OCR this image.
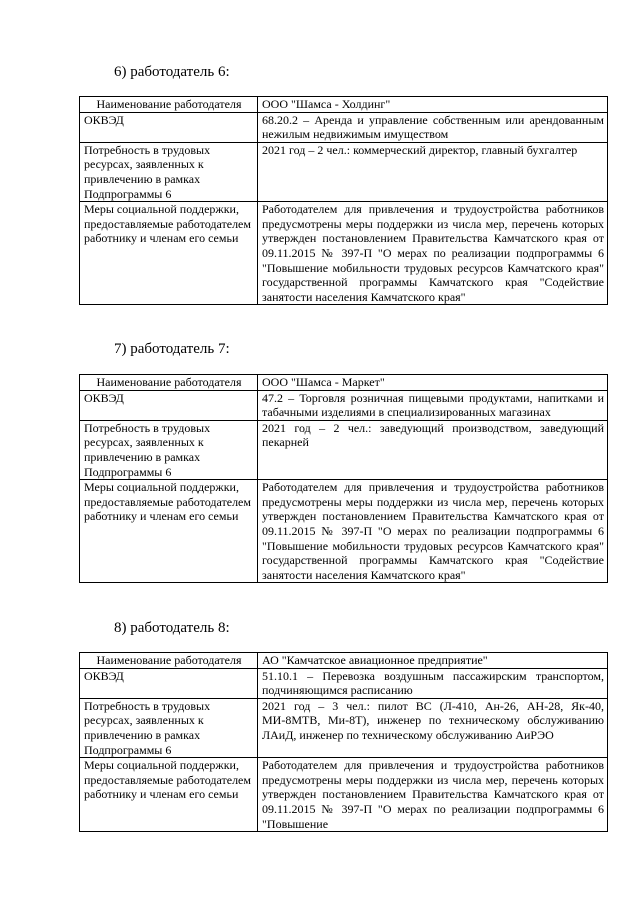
6) работодатель 6:

Наименование работодателя	ООО "Шамса - Холдинг"
ОКВЭД	68.20.2 – Аренда и управление собственным или арендованным нежилым недвижимым имуществом
Потребность в трудовых ресурсах, заявленных к привлечению в рамках Подпрограммы 6	2021 год – 2 чел.: коммерческий директор, главный бухгалтер
Меры социальной поддержки, предоставляемые работодателем работнику и членам его семьи	Работодателем для привлечения и трудоустройства работников предусмотрены меры поддержки из числа мер, перечень которых утвержден постановлением Правительства Камчатского края от 09.11.2015 № 397-П "О мерах по реализации подпрограммы 6 "Повышение мобильности трудовых ресурсов Камчатского края" государственной программы Камчатского края "Содействие занятости населения Камчатского края"

7) работодатель 7:

Наименование работодателя	ООО "Шамса - Маркет"
ОКВЭД	47.2 – Торговля розничная пищевыми продуктами, напитками и табачными изделиями в специализированных магазинах
Потребность в трудовых ресурсах, заявленных к привлечению в рамках Подпрограммы 6	2021 год – 2 чел.: заведующий производством, заведующий пекарней
Меры социальной поддержки, предоставляемые работодателем работнику и членам его семьи	Работодателем для привлечения и трудоустройства работников предусмотрены меры поддержки из числа мер, перечень которых утвержден постановлением Правительства Камчатского края от 09.11.2015 № 397-П "О мерах по реализации подпрограммы 6 "Повышение мобильности трудовых ресурсов Камчатского края" государственной программы Камчатского края "Содействие занятости населения Камчатского края"

8) работодатель 8:

Наименование работодателя	АО "Камчатское авиационное предприятие"
ОКВЭД	51.10.1 – Перевозка воздушным пассажирским транспортом, подчиняющимся расписанию
Потребность в трудовых ресурсах, заявленных к привлечению в рамках Подпрограммы 6	2021 год – 3 чел.: пилот ВС (Л-410, Ан-26, АН-28, Як-40, МИ-8МТВ, Ми-8Т), инженер по техническому обслуживанию ЛАиД, инженер по техническому обслуживанию АиРЭО
Меры социальной поддержки, предоставляемые работодателем работнику и членам его семьи	Работодателем для привлечения и трудоустройства работников предусмотрены меры поддержки из числа мер, перечень которых утвержден постановлением Правительства Камчатского края от 09.11.2015 № 397-П "О мерах по реализации подпрограммы 6 "Повышение
